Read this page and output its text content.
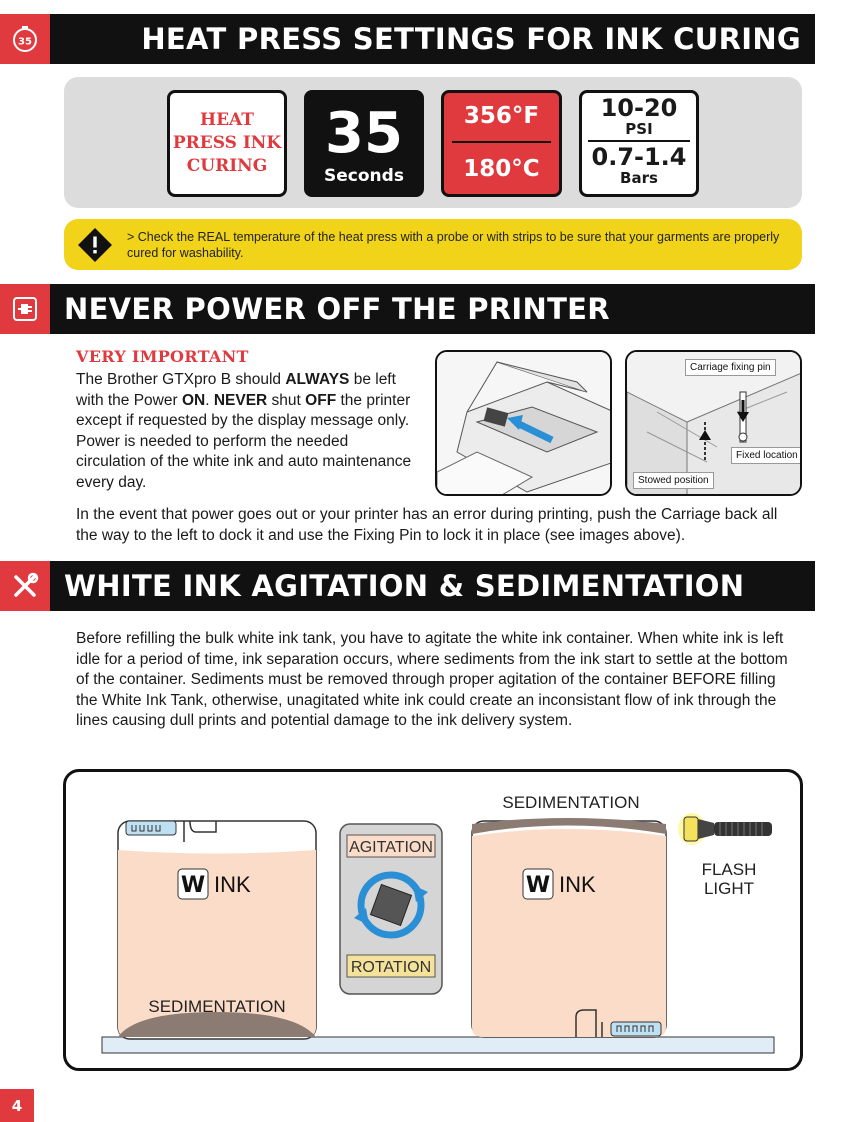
35	HEAT PRESS SETTINGS FOR INK CURING
HEAT
PRESS INK
CURING	35
Seconds
356°F
180°C
10-20
PSI
0.7-1.4
Bars
> Check the REAL temperature of the heat press with a probe or with strips to be sure that your garments are properly cured for washability.
NEVER POWER OFF THE PRINTER
VERY IMPORTANT
The Brother GTXpro B should ALWAYS be left with the Power ON. NEVER shut OFF the printer except if requested by the display message only. Power is needed to perform the needed circulation of the white ink and auto maintenance every day.
Carriage fixing pin
Fixed location
Stowed position
In the event that power goes out or your printer has an error during printing, push the Carriage back all the way to the left to dock it and use the Fixing Pin to lock it in place (see images above).
WHITE INK AGITATION & SEDIMENTATION
Before refilling the bulk white ink tank, you have to agitate the white ink container. When white ink is left idle for a period of time, ink separation occurs, where sediments from the ink start to settle at the bottom of the container. Sediments must be removed through proper agitation of the container BEFORE filling the White Ink Tank, otherwise, unagitated white ink could create an inconsistant flow of ink through the lines causing dull prints and potential damage to the ink delivery system.
W INK
SEDIMENTATION
AGITATION
ROTATION
SEDIMENTATION
W INK
FLASH
LIGHT
4
